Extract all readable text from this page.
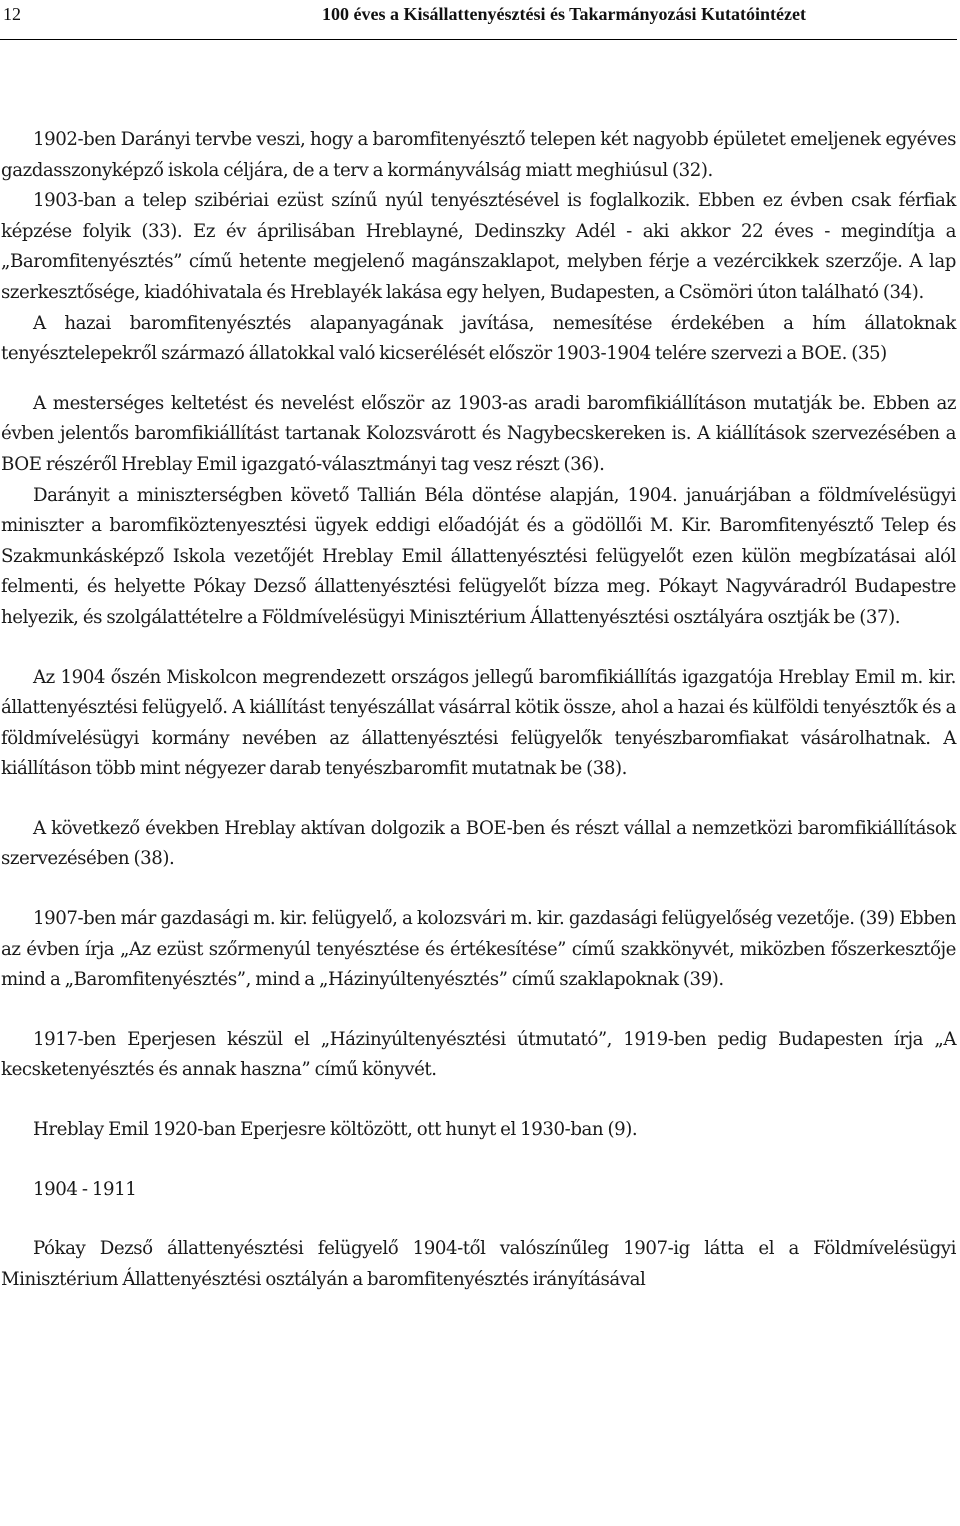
12	100 éves a Kisállattenyésztési és Takarmányozási Kutatóintézet

1902-ben Darányi tervbe veszi, hogy a baromfitenyésztő telepen két nagyobb épületet emeljenek egyéves gazdasszonyképző iskola céljára, de a terv a kormányválság miatt meghiúsul (32).

1903-ban a telep szibériai ezüst színű nyúl tenyésztésével is foglalkozik. Ebben ez évben csak férfiak képzése folyik (33). Ez év áprilisában Hreblayné, Dedinszky Adél - aki akkor 22 éves - megindítja a „Baromfitenyésztés” című hetente megjelenő magánszaklapot, melyben férje a vezércikkek szerzője. A lap szerkesztősége, kiadóhivatala és Hreblayék lakása egy helyen, Budapesten, a Csömöri úton található (34).

A hazai baromfitenyésztés alapanyagának javítása, nemesítése érdekében a hím állatoknak tenyésztelepekről származó állatokkal való kicserélését először 1903-1904 telére szervezi a BOE. (35)

A mesterséges keltetést és nevelést először az 1903-as aradi baromfikiállításon mutatják be. Ebben az évben jelentős baromfikiállítást tartanak Kolozsvárott és Nagybecskereken is. A kiállítások szervezésében a BOE részéről Hreblay Emil igazgató-választmányi tag vesz részt (36).

Darányit a miniszterségben követő Tallián Béla döntése alapján, 1904. januárjában a földmívelésügyi miniszter a baromfiköztenyesztési ügyek eddigi előadóját és a gödöllői M. Kir. Baromfitenyésztő Telep és Szakmunkásképző Iskola vezetőjét Hreblay Emil állattenyésztési felügyelőt ezen külön megbízatásai alól felmenti, és helyette Pókay Dezső állattenyésztési felügyelőt bízza meg. Pókayt Nagyváradról Budapestre helyezik, és szolgálattételre a Földmívelésügyi Minisztérium Állattenyésztési osztályára osztják be (37).

Az 1904 őszén Miskolcon megrendezett országos jellegű baromfikiállítás igazgatója Hreblay Emil m. kir. állattenyésztési felügyelő. A kiállítást tenyészállat vásárral kötik össze, ahol a hazai és külföldi tenyésztők és a földmívelésügyi kormány nevében az állattenyésztési felügyelők tenyészbaromfiakat vásárolhatnak. A kiállításon több mint négyezer darab tenyészbaromfit mutatnak be (38).

A következő években Hreblay aktívan dolgozik a BOE-ben és részt vállal a nemzetközi baromfikiállítások szervezésében (38).

1907-ben már gazdasági m. kir. felügyelő, a kolozsvári m. kir. gazdasági felügyelőség vezetője. (39) Ebben az évben írja „Az ezüst szőrmenyúl tenyésztése és értékesítése” című szakkönyvét, miközben főszerkesztője mind a „Baromfitenyésztés”, mind a „Házinyúltenyésztés” című szaklapoknak (39).

1917-ben Eperjesen készül el „Házinyúltenyésztési útmutató”, 1919-ben pedig Budapesten írja „A kecsketenyésztés és annak haszna” című könyvét.

Hreblay Emil 1920-ban Eperjesre költözött, ott hunyt el 1930-ban (9).

1904 - 1911

Pókay Dezső állattenyésztési felügyelő 1904-től valószínűleg 1907-ig látta el a Földmívelésügyi Minisztérium Állattenyésztési osztályán a baromfitenyésztés irányításával
